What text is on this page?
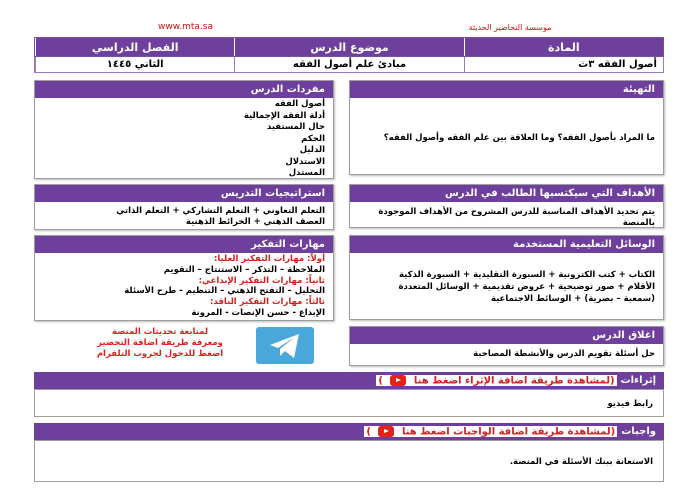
www.mta.sa	موسسة التحاضير الحديثة
المادة
موضوع الدرس
الفصل الدراسي
أصول الفقه ٣ث
مبادئ علم أصول الفقه
الثاني ١٤٤٥
التهيئة
ما المراد بأصول الفقه؟ وما العلاقة بين علم الفقه وأصول الفقه؟
مفردات الدرس
أصول الفقه
أدلة الفقه الإجمالية
حال المستفيد
الحكم
الدليل
الاستدلال
المستدل
الأهداف التي سيكتسبها الطالب في الدرس
يتم تحديد الأهداف المناسبة للدرس المشروح من الأهداف الموجودة بالمنصة
استراتيجيات التدريس
التعلم التعاوني + التعلم التشاركي + التعلم الذاتي
العصف الذهني + الخرائط الذهنية
الوسائل التعليمية المستخدمة
الكتاب + كتب الكترونية + السبورة التقليدية + السبورة الذكية
الأقلام + صور توضيحية + عروض تقديمية + الوسائل المتعددة
(سمعية – بصرية) + الوسائط الاجتماعية
مهارات التفكير
أولاً: مهارات التفكير العليا:
الملاحظة – التذكر – الاستنتاج – التقويم
ثانياً: مهارات التفكير الإبداعي:
التحليل – التفتح الذهني – التنظيم - طرح الأسئلة
ثالثاً: مهارات التفكير الناقد:
الإبداع - حسن الإنصات - المرونة
لمتابعة تحديثات المنصة
ومعرفة طريقة اضافة التحضير
اضغط للدخول لجروب التلقرام
اغلاق الدرس
حل أسئلة تقويم الدرس والأنشطة المصاحبة
إثراءات
(لمشاهدة طريقة اضافة الإثراء اضغط هنا  )
رابط فيديو
واجبات
(لمشاهدة طريقة اضافة الواجبات اضغط هنا  )
الاستعانة ببنك الأسئلة في المنصة.
